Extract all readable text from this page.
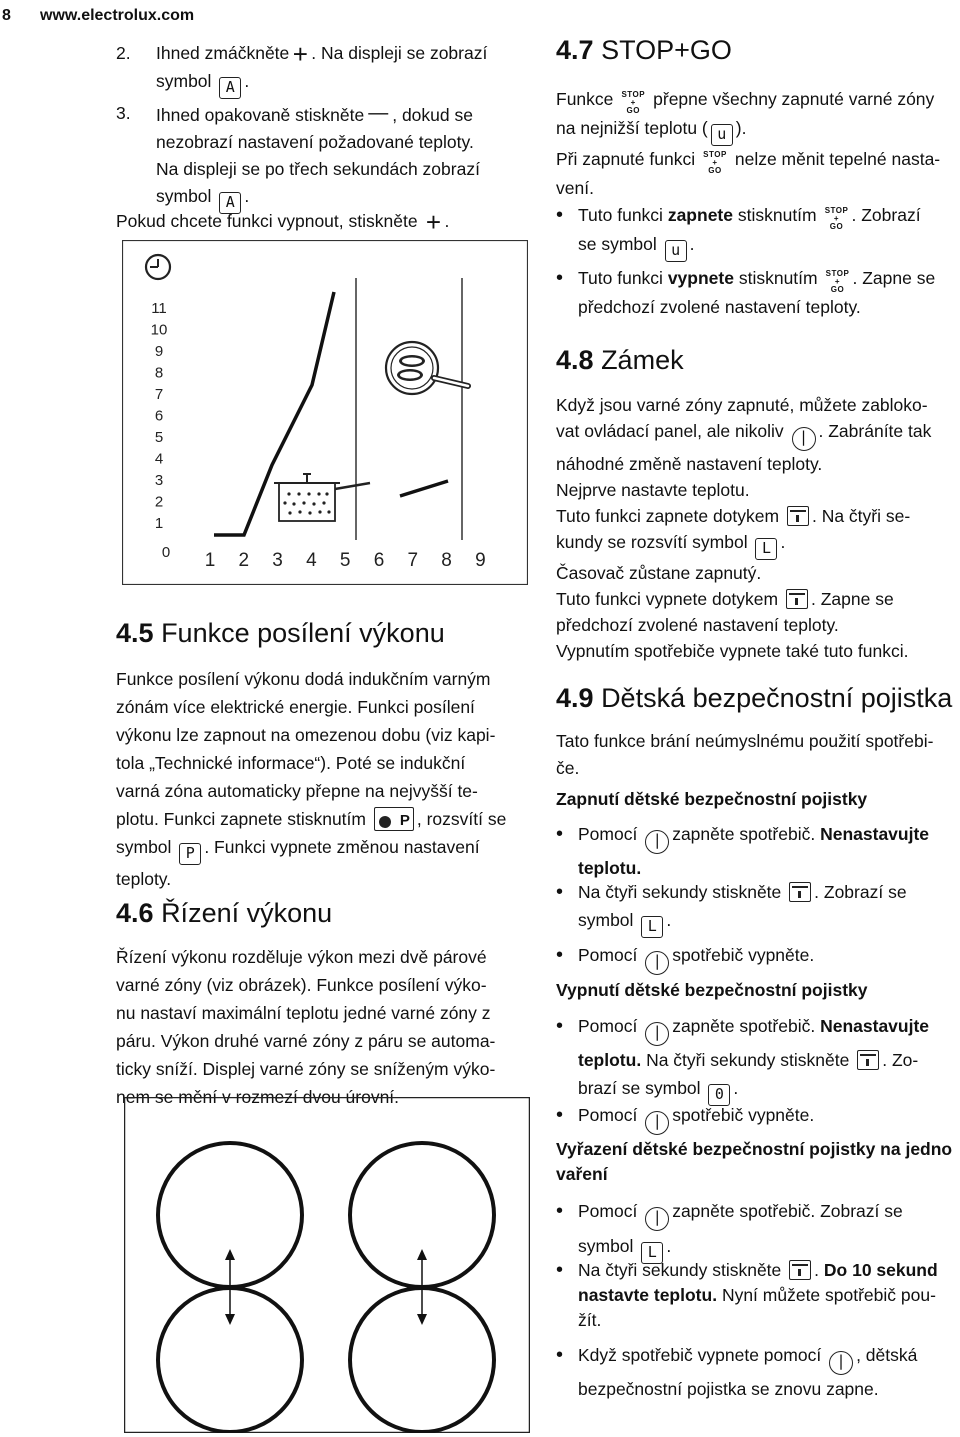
8 www.electrolux.com
2. Ihned zmáčkněte + . Na displeji se zobrazí
symbol A .
3. Ihned opakovaně stiskněte — , dokud se
nezobrazí nastavení požadované teploty.
Na displeji se po třech sekundách zobrazí
symbol A .
Pokud chcete funkci vypnout, stiskněte + .
11
10
9
8
7
6
5
4
3
2
1
0 1 2 3 4 5 6 7 8 9
4.5 Funkce posílení výkonu
Funkce posílení výkonu dodá indukčním varným
zónám více elektrické energie. Funkci posílení
výkonu lze zapnout na omezenou dobu (viz kapi-
tola „Technické informace“). Poté se indukční
varná zóna automaticky přepne na nejvyšší te-
plotu. Funkci zapnete stisknutím P	, rozsvítí se
symbol P . Funkci vypnete změnou nastavení
teploty.
4.6 Řízení výkonu
Řízení výkonu rozděluje výkon mezi dvě párové
varné zóny (viz obrázek). Funkce posílení výko-
nu nastaví maximální teplotu jedné varné zóny z
páru. Výkon druhé varné zóny z páru se automa-
ticky sníží. Displej varné zóny se sníženým výko-
nem se mění v rozmezí dvou úrovní.
4.7 STOP+GO
Funkce STOP
+
GO přepne všechny zapnuté varné zóny
na nejnižší teplotu ( u ).
Při zapnuté funkci STOP
+
GO nelze měnit tepelné nasta-
vení.
• Tuto funkci zapnete stisknutím STOP
+
GO. Zobrazí
se symbol u .
• Tuto funkci vypnete stisknutím STOP
+
GO. Zapne se
předchozí zvolené nastavení teploty.
4.8 Zámek
Když jsou varné zóny zapnuté, můžete zabloko-
vat ovládací panel, ale nikoliv | . Zabráníte tak
náhodné změně nastavení teploty.
Nejprve nastavte teplotu.
Tuto funkci zapnete dotykem . Na čtyři se-
kundy se rozsvítí symbol L .
Časovač zůstane zapnutý.
Tuto funkci vypnete dotykem . Zapne se
předchozí zvolené nastavení teploty.
Vypnutím spotřebiče vypnete také tuto funkci.
4.9 Dětská bezpečnostní pojistka
Tato funkce brání neúmyslnému použití spotřebi-
če.
Zapnutí dětské bezpečnostní pojistky
• Pomocí | zapněte spotřebič. Nenastavujte
teplotu.
• Na čtyři sekundy stiskněte . Zobrazí se
symbol L .
• Pomocí | spotřebič vypněte.
Vypnutí dětské bezpečnostní pojistky
• Pomocí | zapněte spotřebič. Nenastavujte
teplotu. Na čtyři sekundy stiskněte . Zo-
brazí se symbol 0 .
• Pomocí | spotřebič vypněte.
Vyřazení dětské bezpečnostní pojistky na jedno
vaření
• Pomocí | zapněte spotřebič. Zobrazí se
symbol L .
• Na čtyři sekundy stiskněte . Do 10 sekund
nastavte teplotu. Nyní můžete spotřebič pou-
žít.
• Když spotřebič vypnete pomocí | , dětská
bezpečnostní pojistka se znovu zapne.
